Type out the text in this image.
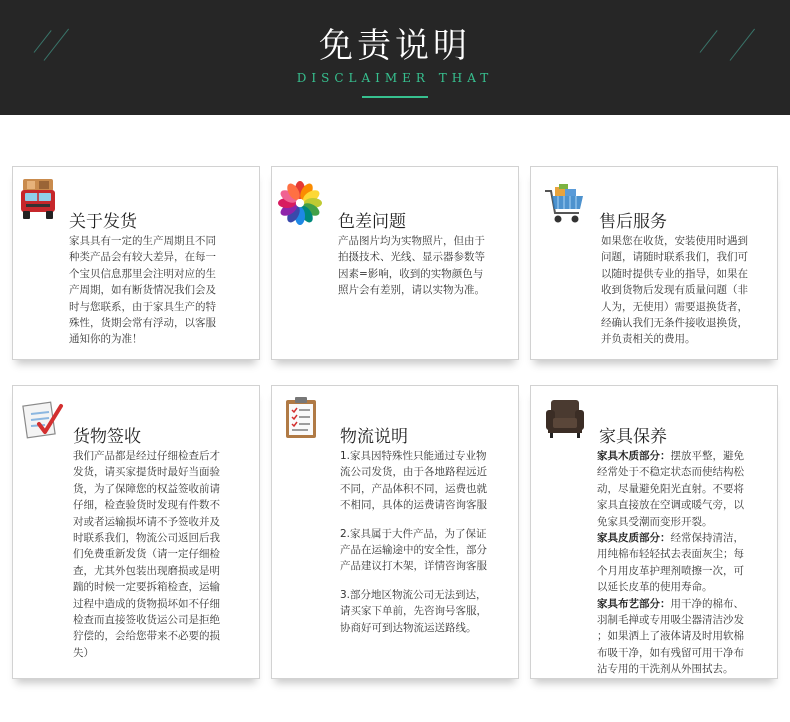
免责说明
DISCLAIMER THAT
关于发货

家具具有一定的生产周期且不同

种类产品会有较大差异，在每一

个宝贝信息那里会注明对应的生

产周期，如有断货情况我们会及

时与您联系，由于家具生产的特

殊性，货期会常有浮动，以客服

通知你的为准！

色差问题

产品图片均为实物照片，但由于

拍摄技术、光线、显示器参数等

因素=影响，收到的实物颜色与

照片会有差别，请以实物为准。

售后服务

如果您在收货，安装使用时遇到

问题，请随时联系我们，我们可

以随时提供专业的指导，如果在

收到货物后发现有质量问题（非

人为，无使用）需要退换货者，

经确认我们无条件接收退换货，

并负责相关的费用。

货物签收

我们产品都是经过仔细检查后才

发货，请买家提货时最好当面验

货，为了保障您的权益签收前请

仔细，检查验货时发现有件数不

对或者运输损坏请不予签收并及

时联系我们，物流公司返回后我

们免费重新发货（请一定仔细检

查，尤其外包装出现磨损或是明

踹的时候一定要拆箱检查，运输

过程中造成的货物损坏如不仔细

检查而直接签收货运公司是拒绝

狞偿的，会给您带来不必要的损

失）

物流说明

1.家具因特殊性只能通过专业物

流公司发货，由于各地路程远近

不同，产品体积不同，运费也就

不相同，具体的运费请咨询客服

2.家具属于大件产品，为了保证

产品在运输途中的安全性，部分

产品建议打木架，详情咨询客服

3.部分地区物流公司无法到达，

请买家下单前，先咨询号客服，

协商好可到达物流运送路线。

家具保养

家具木质部分：摆放平整，避免

经常处于不稳定状态而使结构松

动，尽量避免阳光直射。不要将

家具直接放在空调或暖气旁，以

免家具受潮而变形开裂。

家具皮质部分：经常保持清洁，

用纯棉布轻轻拭去表面灰尘；每

个月用皮革护理剂喷擦一次，可

以延长皮革的使用寿命。

家具布艺部分：用干净的棉布、

羽制毛掸或专用吸尘器清洁沙发

；如果洒上了液体请及时用软棉

布吸干净，如有残留可用干净布

沾专用的干洗剂从外围拭去。
